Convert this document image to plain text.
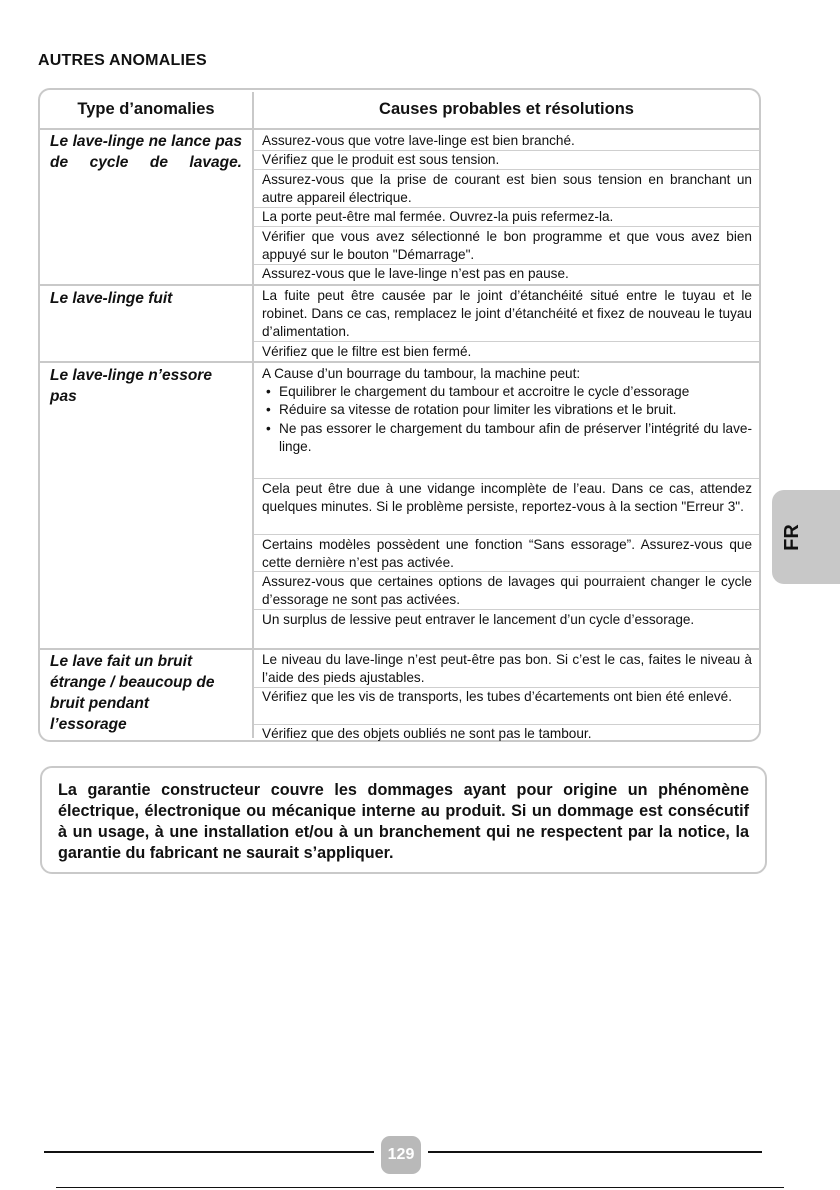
AUTRES ANOMALIES
Type d’anomalies	Causes probables et résolutions
Le lave-linge ne lance pas de cycle de lavage.
Assurez-vous que votre lave-linge est bien branché.
Vérifiez que le produit est sous tension.
Assurez-vous que la prise de courant est bien sous tension en branchant un autre appareil électrique.
La porte peut-être mal fermée. Ouvrez-la puis refermez-la.
Vérifier que vous avez sélectionné le bon programme et que vous avez bien appuyé sur le bouton "Démarrage".
Assurez-vous que le lave-linge n’est pas en pause.
Le lave-linge fuit	La fuite peut être causée par le joint d’étanchéité situé entre le tuyau et le robinet. Dans ce cas, remplacez le joint d’étanchéité et fixez de nouveau le tuyau d’alimentation.
Vérifiez que le filtre est bien fermé.
Le lave-linge n’essore pas
A Cause d’un bourrage du tambour, la machine peut:
• Equilibrer le chargement du tambour et accroitre le cycle d’essorage
• Réduire sa vitesse de rotation pour limiter les vibrations et le bruit.
• Ne pas essorer le chargement du tambour afin de préserver l’intégrité du lave-linge.
Cela peut être due à une vidange incomplète de l’eau. Dans ce cas, attendez quelques minutes. Si le problème persiste, reportez-vous à la section "Erreur 3".
Certains modèles possèdent une fonction “Sans essorage”. Assurez-vous que cette dernière n’est pas activée.
Assurez-vous que certaines options de lavages qui pourraient changer le cycle d’essorage ne sont pas activées.
Un surplus de lessive peut entraver le lancement d’un cycle d’essorage.
Le lave fait un bruit
étrange / beaucoup de
bruit pendant
l’essorage
Le niveau du lave-linge n’est peut-être pas bon. Si c’est le cas, faites le niveau à l’aide des pieds ajustables.
Vérifiez que les vis de transports, les tubes d’écartements ont bien été enlevé.
Vérifiez que des objets oubliés ne sont pas le tambour.
La garantie constructeur couvre les dommages ayant pour origine un phénomène électrique, électronique ou mécanique interne au produit. Si un dommage est consécutif à un usage, à une installation et/ou à un branchement qui ne respectent par la notice, la garantie du fabricant ne saurait s’appliquer.
FR
129
